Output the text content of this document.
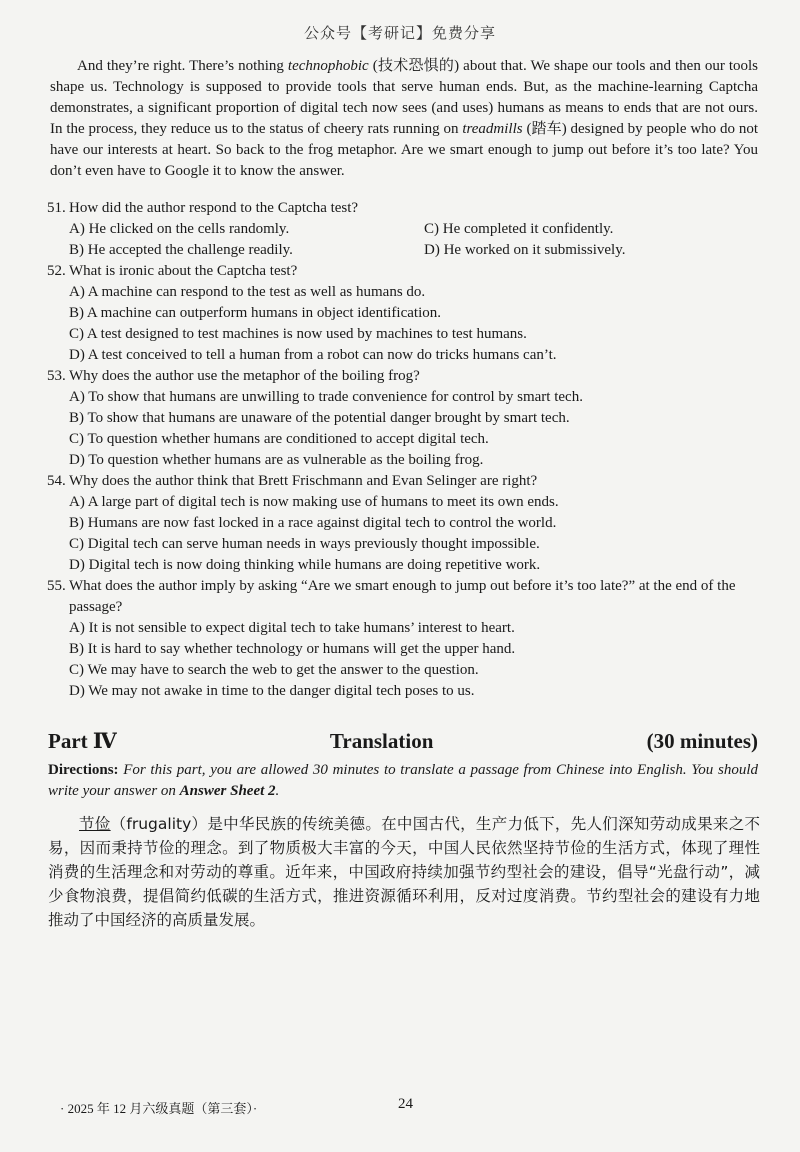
公众号【考研记】免费分享

And they’re right. There’s nothing technophobic (技术恐惧的) about that. We shape our tools and then our tools shape us. Technology is supposed to provide tools that serve human ends. But, as the machine-learning Captcha demonstrates, a significant proportion of digital tech now sees (and uses) humans as means to ends that are not ours. In the process, they reduce us to the status of cheery rats running on treadmills (踏车) designed by people who do not have our interests at heart. So back to the frog metaphor. Are we smart enough to jump out before it’s too late? You don’t even have to Google it to know the answer.

51. How did the author respond to the Captcha test?
A) He clicked on the cells randomly.	C) He completed it confidently.
B) He accepted the challenge readily.	D) He worked on it submissively.
52. What is ironic about the Captcha test?
A) A machine can respond to the test as well as humans do.
B) A machine can outperform humans in object identification.
C) A test designed to test machines is now used by machines to test humans.
D) A test conceived to tell a human from a robot can now do tricks humans can’t.
53. Why does the author use the metaphor of the boiling frog?
A) To show that humans are unwilling to trade convenience for control by smart tech.
B) To show that humans are unaware of the potential danger brought by smart tech.
C) To question whether humans are conditioned to accept digital tech.
D) To question whether humans are as vulnerable as the boiling frog.
54. Why does the author think that Brett Frischmann and Evan Selinger are right?
A) A large part of digital tech is now making use of humans to meet its own ends.
B) Humans are now fast locked in a race against digital tech to control the world.
C) Digital tech can serve human needs in ways previously thought impossible.
D) Digital tech is now doing thinking while humans are doing repetitive work.
55. What does the author imply by asking “Are we smart enough to jump out before it’s too late?” at the end of the passage?
A) It is not sensible to expect digital tech to take humans’ interest to heart.
B) It is hard to say whether technology or humans will get the upper hand.
C) We may have to search the web to get the answer to the question.
D) We may not awake in time to the danger digital tech poses to us.
Part Ⅳ	Translation	(30 minutes)
Directions: For this part, you are allowed 30 minutes to translate a passage from Chinese into English. You should write your answer on Answer Sheet 2.
节俭（frugality）是中华民族的传统美德。在中国古代，生产力低下，先人们深知劳动成果来之不易，因而秉持节俭的理念。到了物质极大丰富的今天，中国人民依然坚持节俭的生活方式，体现了理性消费的生活理念和对劳动的尊重。近年来，中国政府持续加强节约型社会的建设，倡导“光盘行动”，减少食物浪费，提倡简约低碳的生活方式，推进资源循环利用，反对过度消费。节约型社会的建设有力地推动了中国经济的高质量发展。
· 2025 年 12 月六级真题（第三套）·	24
